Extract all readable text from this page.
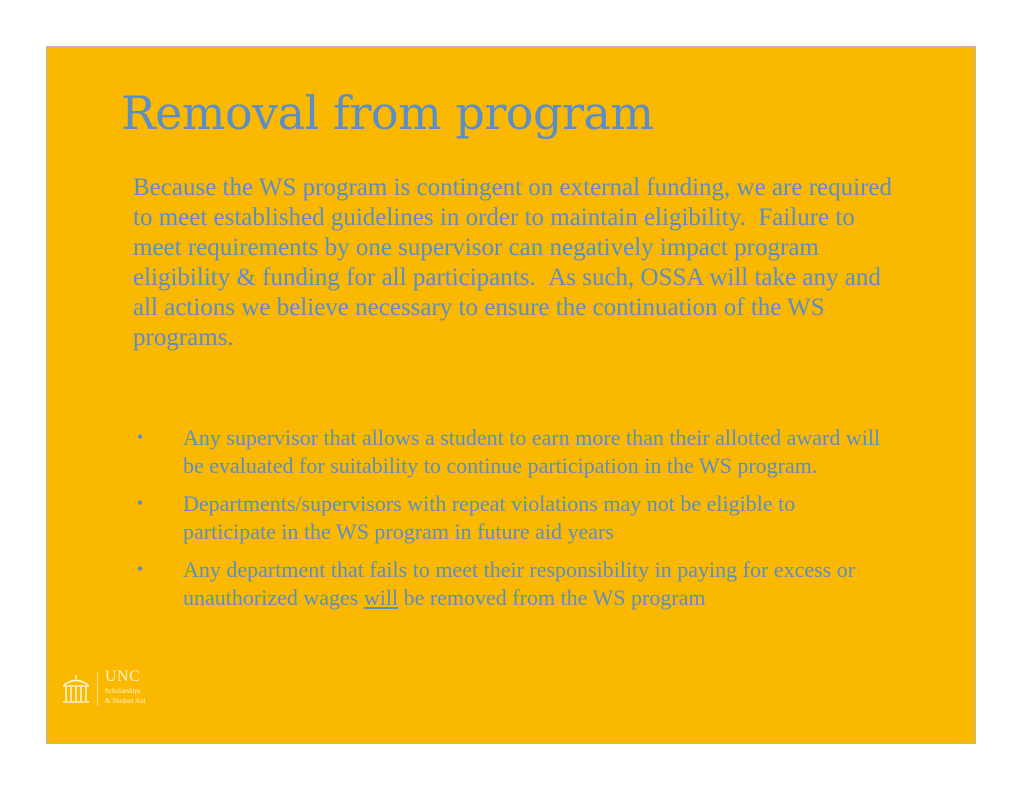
Removal from program

Because the WS program is contingent on external funding, we are required to meet established guidelines in order to maintain eligibility.  Failure to meet requirements by one supervisor can negatively impact program eligibility & funding for all participants.  As such, OSSA will take any and all actions we believe necessary to ensure the continuation of the WS programs.

• Any supervisor that allows a student to earn more than their allotted award will be evaluated for suitability to continue participation in the WS program.
• Departments/supervisors with repeat violations may not be eligible to participate in the WS program in future aid years
• Any department that fails to meet their responsibility in paying for excess or unauthorized wages will be removed from the WS program
UNC
Scholarships
& Student Aid
